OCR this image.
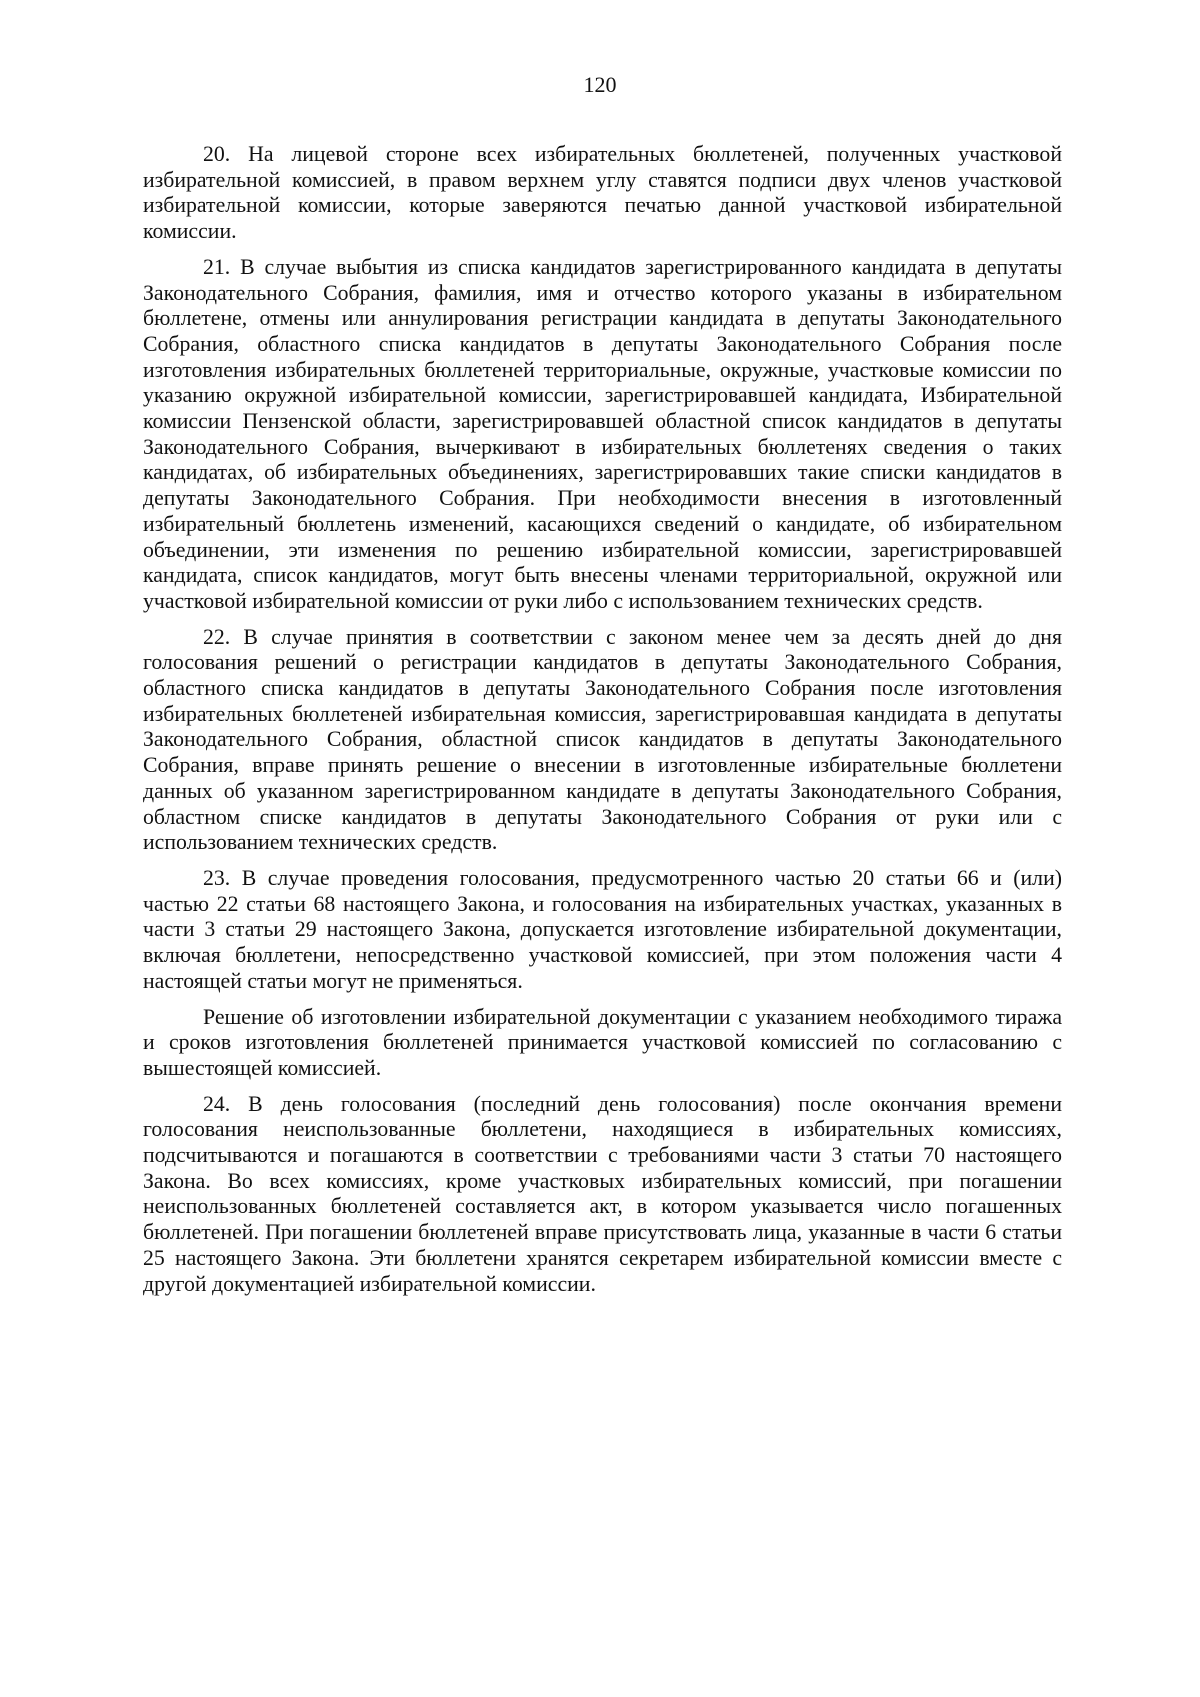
120

20. На лицевой стороне всех избирательных бюллетеней, полученных участковой избирательной комиссией, в правом верхнем углу ставятся подписи двух членов участковой избирательной комиссии, которые заверяются печатью данной участковой избирательной комиссии.

21. В случае выбытия из списка кандидатов зарегистрированного кандидата в депутаты Законодательного Собрания, фамилия, имя и отчество которого указаны в избирательном бюллетене, отмены или аннулирования регистрации кандидата в депутаты Законодательного Собрания, областного списка кандидатов в депутаты Законодательного Собрания после изготовления избирательных бюллетеней территориальные, окружные, участковые комиссии по указанию окружной избирательной комиссии, зарегистрировавшей кандидата, Избирательной комиссии Пензенской области, зарегистрировавшей областной список кандидатов в депутаты Законодательного Собрания, вычеркивают в избирательных бюллетенях сведения о таких кандидатах, об избирательных объединениях, зарегистрировавших такие списки кандидатов в депутаты Законодательного Собрания. При необходимости внесения в изготовленный избирательный бюллетень изменений, касающихся сведений о кандидате, об избирательном объединении, эти изменения по решению избирательной комиссии, зарегистрировавшей кандидата, список кандидатов, могут быть внесены членами территориальной, окружной или участковой избирательной комиссии от руки либо с использованием технических средств.

22. В случае принятия в соответствии с законом менее чем за десять дней до дня голосования решений о регистрации кандидатов в депутаты Законодательного Собрания, областного списка кандидатов в депутаты Законодательного Собрания после изготовления избирательных бюллетеней избирательная комиссия, зарегистрировавшая кандидата в депутаты Законодательного Собрания, областной список кандидатов в депутаты Законодательного Собрания, вправе принять решение о внесении в изготовленные избирательные бюллетени данных об указанном зарегистрированном кандидате в депутаты Законодательного Собрания, областном списке кандидатов в депутаты Законодательного Собрания от руки или с использованием технических средств.

23. В случае проведения голосования, предусмотренного частью 20 статьи 66 и (или) частью 22 статьи 68 настоящего Закона, и голосования на избирательных участках, указанных в части 3 статьи 29 настоящего Закона, допускается изготовление избирательной документации, включая бюллетени, непосредственно участковой комиссией, при этом положения части 4 настоящей статьи могут не применяться.

Решение об изготовлении избирательной документации с указанием необходимого тиража и сроков изготовления бюллетеней принимается участковой комиссией по согласованию с вышестоящей комиссией.

24. В день голосования (последний день голосования) после окончания времени голосования неиспользованные бюллетени, находящиеся в избирательных комиссиях, подсчитываются и погашаются в соответствии с требованиями части 3 статьи 70 настоящего Закона. Во всех комиссиях, кроме участковых избирательных комиссий, при погашении неиспользованных бюллетеней составляется акт, в котором указывается число погашенных бюллетеней. При погашении бюллетеней вправе присутствовать лица, указанные в части 6 статьи 25 настоящего Закона. Эти бюллетени хранятся секретарем избирательной комиссии вместе с другой документацией избирательной комиссии.
